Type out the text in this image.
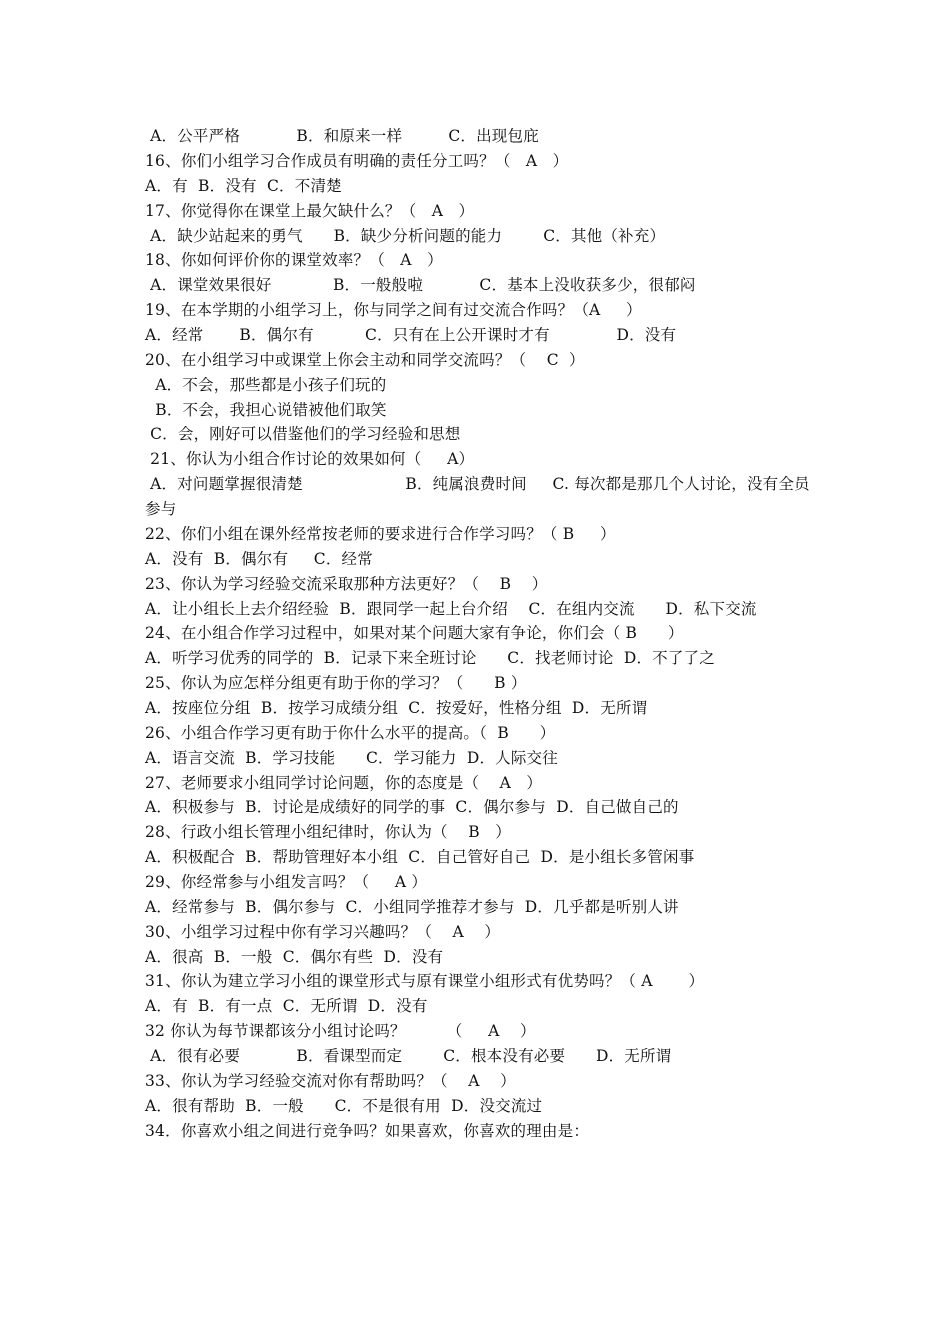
A．公平严格           B．和原来一样         C．出现包庇
16、你们小组学习合作成员有明确的责任分工吗？（   A   ）
A．有  B．没有  C．不清楚
17、你觉得你在课堂上最欠缺什么？（   A   ）
A．缺少站起来的勇气      B．缺少分析问题的能力        C．其他（补充）
18、你如何评价你的课堂效率？（   A   ）
A．课堂效果很好            B．一般般啦           C．基本上没收获多少，很郁闷
19、在本学期的小组学习上，你与同学之间有过交流合作吗？（A     ）
A．经常       B．偶尔有          C．只有在上公开课时才有             D．没有
20、在小组学习中或课堂上你会主动和同学交流吗？（    C  ）
A．不会，那些都是小孩子们玩的
B．不会，我担心说错被他们取笑
C．会，刚好可以借鉴他们的学习经验和思想
21、你认为小组合作讨论的效果如何（     A）
A．对问题掌握很清楚                    B．纯属浪费时间     C. 每次都是那几个人讨论，没有全员
参与
22、你们小组在课外经常按老师的要求进行合作学习吗？（ B     ）
A．没有  B．偶尔有     C．经常
23、你认为学习经验交流采取那种方法更好？（    B    ）
A．让小组长上去介绍经验  B．跟同学一起上台介绍    C．在组内交流      D．私下交流
24、在小组合作学习过程中，如果对某个问题大家有争论，你们会（ B      ）
A．听学习优秀的同学的  B．记录下来全班讨论      C．找老师讨论  D．不了了之
25、你认为应怎样分组更有助于你的学习？（      B ）
A．按座位分组  B．按学习成绩分组  C．按爱好，性格分组  D．无所谓
26、小组合作学习更有助于你什么水平的提高。（  B      ）
A．语言交流  B．学习技能      C．学习能力  D．人际交往
27、老师要求小组同学讨论问题，你的态度是（    A   ）
A．积极参与  B．讨论是成绩好的同学的事  C．偶尔参与  D．自己做自己的
28、行政小组长管理小组纪律时，你认为（    B   ）
A．积极配合  B．帮助管理好本小组  C．自己管好自己  D．是小组长多管闲事
29、你经常参与小组发言吗？（     A ）
A．经常参与  B．偶尔参与  C．小组同学推荐才参与  D．几乎都是听别人讲
30、小组学习过程中你有学习兴趣吗？（    A    ）
A．很高  B．一般  C．偶尔有些  D．没有
31、你认为建立学习小组的课堂形式与原有课堂小组形式有优势吗？（ A       ）
A．有  B．有一点  C．无所谓  D．没有
32 你认为每节课都该分小组讨论吗？        （     A    ）
A．很有必要           B．看课型而定        C．根本没有必要      D．无所谓
33、你认为学习经验交流对你有帮助吗？（    A    ）
A．很有帮助  B．一般      C．不是很有用  D．没交流过
34．你喜欢小组之间进行竞争吗？如果喜欢，你喜欢的理由是：
